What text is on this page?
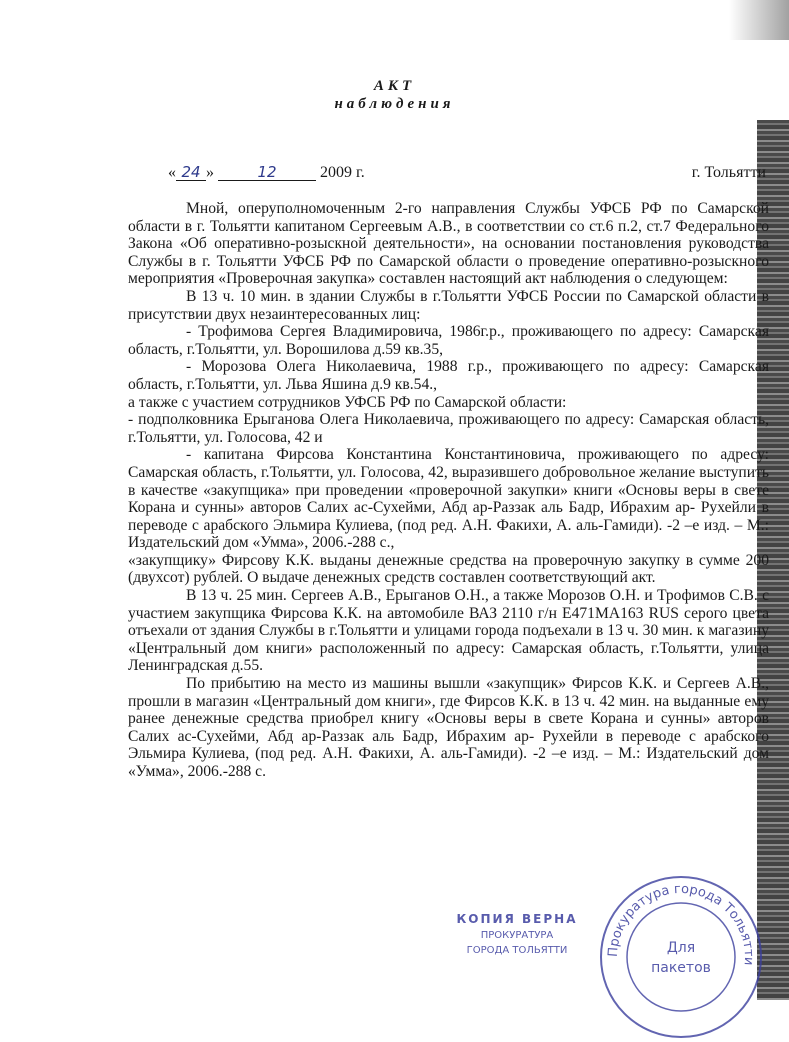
АКТ
наблюдения
« 24 »	12	2009 г.	г. Тольятти

Мной, оперуполномоченным 2-го направления Службы УФСБ РФ по Самарской области в г. Тольятти капитаном Сергеевым А.В., в соответствии со ст.6 п.2, ст.7 Федерального Закона «Об оперативно-розыскной деятельности», на основании постановления руководства Службы в г. Тольятти УФСБ РФ по Самарской области о проведение оперативно-розыскного мероприятия «Проверочная закупка» составлен настоящий акт наблюдения о следующем:

В 13 ч. 10 мин. в здании Службы в г.Тольятти УФСБ России по Самарской области в присутствии двух незаинтересованных лиц:

- Трофимова Сергея Владимировича, 1986г.р., проживающего по адресу: Самарская область, г.Тольятти, ул. Ворошилова д.59 кв.35,

- Морозова Олега Николаевича, 1988 г.р., проживающего по адресу: Самарская область, г.Тольятти, ул. Льва Яшина д.9 кв.54.,

а также с участием сотрудников УФСБ РФ по Самарской области:

- подполковника Ерыганова Олега Николаевича, проживающего по адресу: Самарская область, г.Тольятти, ул. Голосова, 42 и

- капитана Фирсова Константина Константиновича, проживающего по адресу: Самарская область, г.Тольятти, ул. Голосова, 42, выразившего добровольное желание выступить в качестве «закупщика» при проведении «проверочной закупки» книги «Основы веры в свете Корана и сунны» авторов Салих ас-Сухейми, Абд ар-Раззак аль Бадр, Ибрахим ар- Рухейли в переводе с арабского Эльмира Кулиева, (под ред. А.Н. Факихи, А. аль-Гамиди). -2 –е изд. – М.: Издательский дом «Умма», 2006.-288 с.,

«закупщику» Фирсову К.К. выданы денежные средства на проверочную закупку в сумме 200 (двухсот) рублей. О выдаче денежных средств составлен соответствующий акт.

В 13 ч. 25 мин. Сергеев А.В., Ерыганов О.Н., а также Морозов О.Н. и Трофимов С.В. с участием закупщика Фирсова К.К. на автомобиле ВАЗ 2110 г/н Е471МА163 RUS серого цвета отъехали от здания Службы в г.Тольятти и улицами города подъехали в 13 ч. 30 мин. к магазину «Центральный дом книги» расположенный по адресу: Самарская область, г.Тольятти, улица Ленинградская д.55.

По прибытию на место из машины вышли «закупщик» Фирсов К.К. и Сергеев А.В., прошли в магазин «Центральный дом книги», где Фирсов К.К. в 13 ч. 42 мин. на выданные ему ранее денежные средства приобрел книгу «Основы веры в свете Корана и сунны» авторов Салих ас-Сухейми, Абд ар-Раззак аль Бадр, Ибрахим ар- Рухейли в переводе с арабского Эльмира Кулиева, (под ред. А.Н. Факихи, А. аль-Гамиди). -2 –е изд. – М.: Издательский дом «Умма», 2006.-288 с.

КОПИЯ ВЕРНА
ПРОКУРАТУРА
ГОРОДА ТОЛЬЯТТИ	Прокуратура города Тольятти
Для
пакетов
